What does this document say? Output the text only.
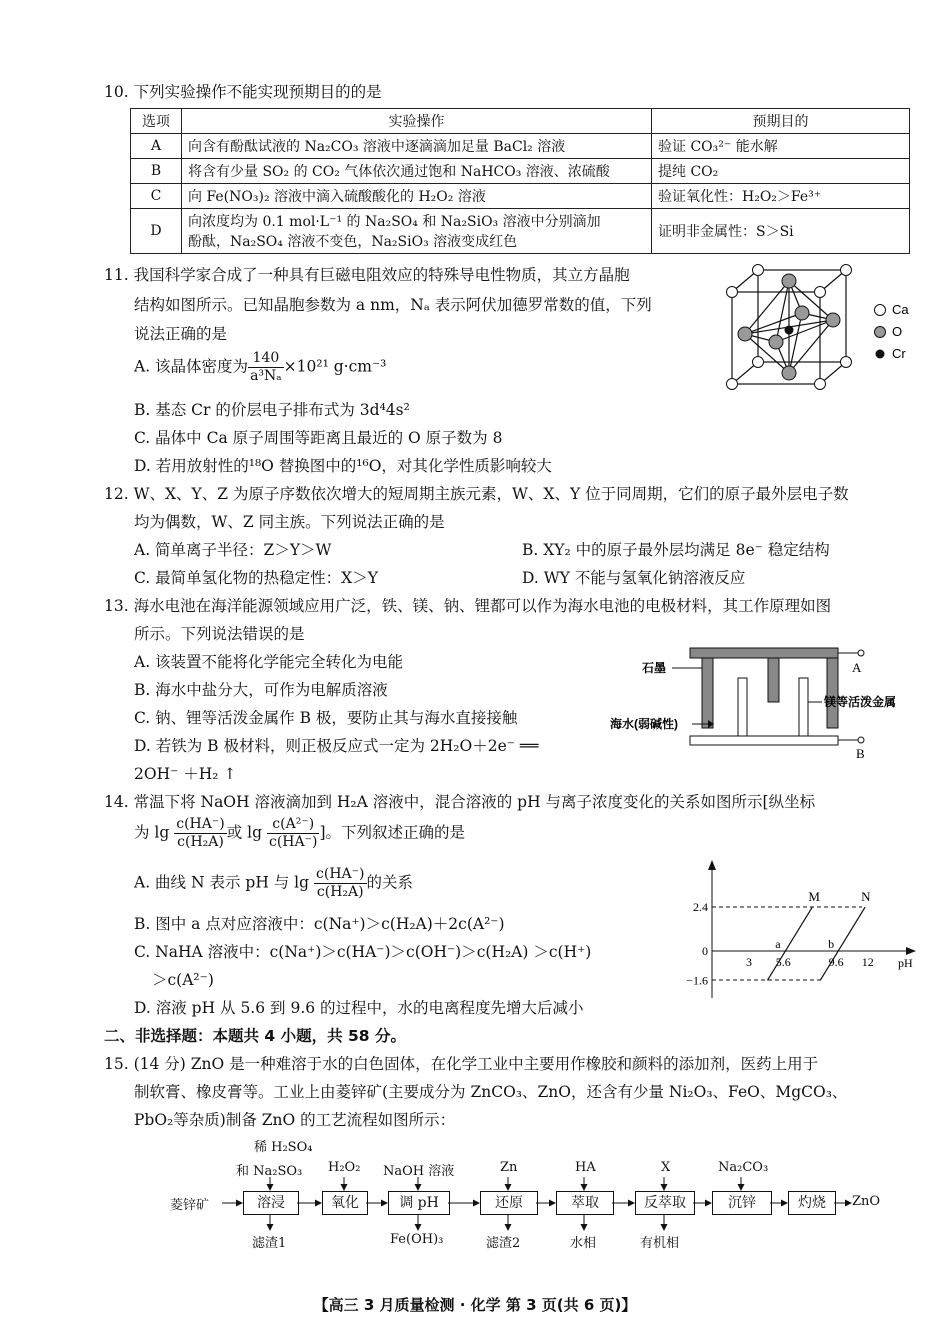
10. 下列实验操作不能实现预期目的的是
选项	实验操作	预期目的
A	向含有酚酞试液的 Na₂CO₃ 溶液中逐滴滴加足量 BaCl₂ 溶液	验证 CO₃²⁻ 能水解
B	将含有少量 SO₂ 的 CO₂ 气体依次通过饱和 NaHCO₃ 溶液、浓硫酸	提纯 CO₂
C	向 Fe(NO₃)₂ 溶液中滴入硫酸酸化的 H₂O₂ 溶液	验证氧化性：H₂O₂＞Fe³⁺
D	向浓度均为 0.1 mol·L⁻¹ 的 Na₂SO₄ 和 Na₂SiO₃ 溶液中分别滴加
酚酞，Na₂SO₄ 溶液不变色，Na₂SiO₃ 溶液变成红色	证明非金属性：S＞Si
11. 我国科学家合成了一种具有巨磁电阻效应的特殊导电性物质，其立方晶胞
结构如图所示。已知晶胞参数为 a nm，Nₐ 表示阿伏加德罗常数的值，下列
说法正确的是
A. 该晶体密度为 $\frac{140}{\text{a³Nₐ}} \times 10^{21}$ g·cm⁻³
B. 基态 Cr 的价层电子排布式为 3d⁴4s²
C. 晶体中 Ca 原子周围等距离且最近的 O 原子数为 8
D. 若用放射性的¹⁸O 替换图中的¹⁶O，对其化学性质影响较大
Ca
O
Cr
12. W、X、Y、Z 为原子序数依次增大的短周期主族元素，W、X、Y 位于同周期，它们的原子最外层电子数
均为偶数，W、Z 同主族。下列说法正确的是
A. 简单离子半径：Z＞Y＞W	B. XY₂ 中的原子最外层均满足 8e⁻ 稳定结构
C. 最简单氢化物的热稳定性：X＞Y	D. WY 不能与氢氧化钠溶液反应
13. 海水电池在海洋能源领域应用广泛，铁、镁、钠、锂都可以作为海水电池的电极材料，其工作原理如图
所示。下列说法错误的是
A. 该装置不能将化学能完全转化为电能
B. 海水中盐分大，可作为电解质溶液
C. 钠、锂等活泼金属作 B 极，要防止其与海水直接接触
D. 若铁为 B 极材料，则正极反应式一定为 2H₂O＋2e⁻ ══
2OH⁻ ＋H₂ ↑
A
B
石墨
镁等活泼金属
海水(弱碱性)
14. 常温下将 NaOH 溶液滴加到 H₂A 溶液中，混合溶液的 pH 与离子浓度变化的关系如图所示[纵坐标
为 $\lg \frac{c(HA^-)}{\text{c(H₂A)}}$ 或 $\lg \frac{\text{c(A²⁻)}}{c(HA^-)}$ ]。下列叙述正确的是
A. 曲线 N 表示 pH 与 $\lg \frac{c(HA^-)}{\text{c(H₂A)}}$ 的关系
B. 图中 a 点对应溶液中：c(Na⁺)＞c(H₂A)＋2c(A²⁻)
C. NaHA 溶液中：c(Na⁺)＞c(HA⁻)＞c(OH⁻)＞c(H₂A) ＞c(H⁺)
＞c(A²⁻)
D. 溶液 pH 从 5.6 到 9.6 的过程中，水的电离程度先增大后减小
M	N
a	b
2.4
0
−1.6
3 5.6	9.6 12 pH
二、非选择题：本题共 4 小题，共 58 分。
15. (14 分) ZnO 是一种难溶于水的白色固体，在化学工业中主要用作橡胶和颜料的添加剂，医药上用于
制软膏、橡皮膏等。工业上由菱锌矿(主要成分为 ZnCO₃、ZnO，还含有少量 Ni₂O₃、FeO、MgCO₃、
PbO₂等杂质)制备 ZnO 的工艺流程如图所示：
稀 H₂SO₄
和 Na₂SO₃ H₂O₂ NaOH 溶液	Zn	HA	X	Na₂CO₃
菱锌矿	溶浸	氧化	调 pH	还原	萃取	反萃取	沉锌	灼烧	ZnO
滤渣1	Fe(OH)₃	滤渣2	水相	有机相
【高三 3 月质量检测 · 化学 第 3 页(共 6 页)】
